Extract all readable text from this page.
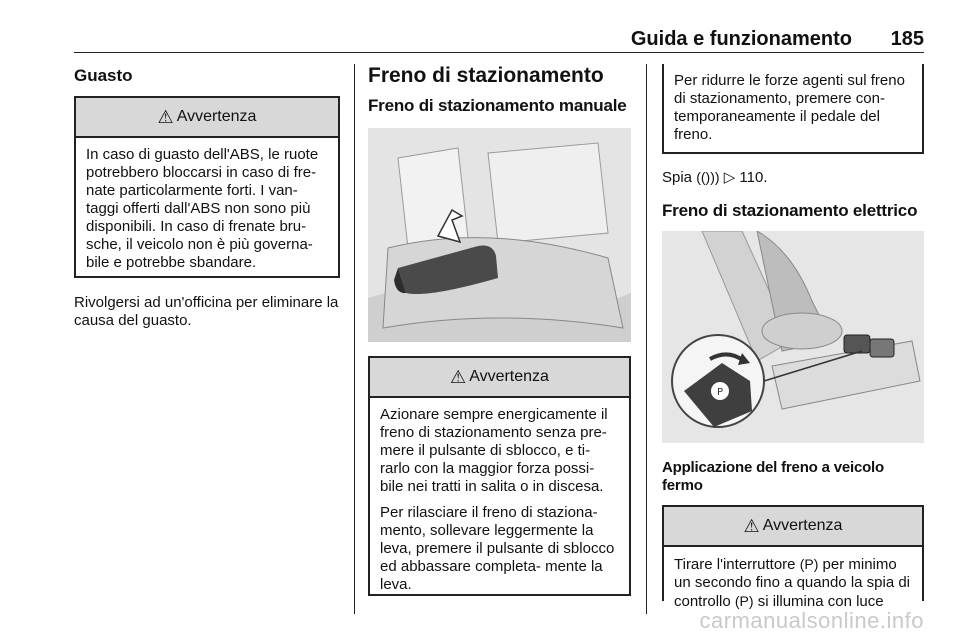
Guida e funzionamento 185
Guasto
⚠ Avvertenza

In caso di guasto dell'ABS, le ruote potrebbero bloccarsi in caso di fre- nate particolarmente forti. I van- taggi offerti dall'ABS non sono più disponibili. In caso di frenate bru- sche, il veicolo non è più governa- bile e potrebbe sbandare.

Rivolgersi ad un'officina per eliminare la causa del guasto.

Freno di stazionamento
Freno di stazionamento manuale
⚠ Avvertenza

Azionare sempre energicamente il freno di stazionamento senza pre- mere il pulsante di sblocco, e ti- rarlo con la maggior forza possi- bile nei tratti in salita o in discesa.

Per rilasciare il freno di staziona- mento, sollevare leggermente la leva, premere il pulsante di sblocco ed abbassare completa- mente la leva.

Per ridurre le forze agenti sul freno di stazionamento, premere con- temporaneamente il pedale del freno.

Spia (())) ▷ 110.

Freno di stazionamento elettrico
P
Applicazione del freno a veicolo fermo
⚠ Avvertenza

Tirare l'interruttore (P) per minimo un secondo fino a quando la spia di controllo (P) si illumina con luce

carmanualsonline.info
